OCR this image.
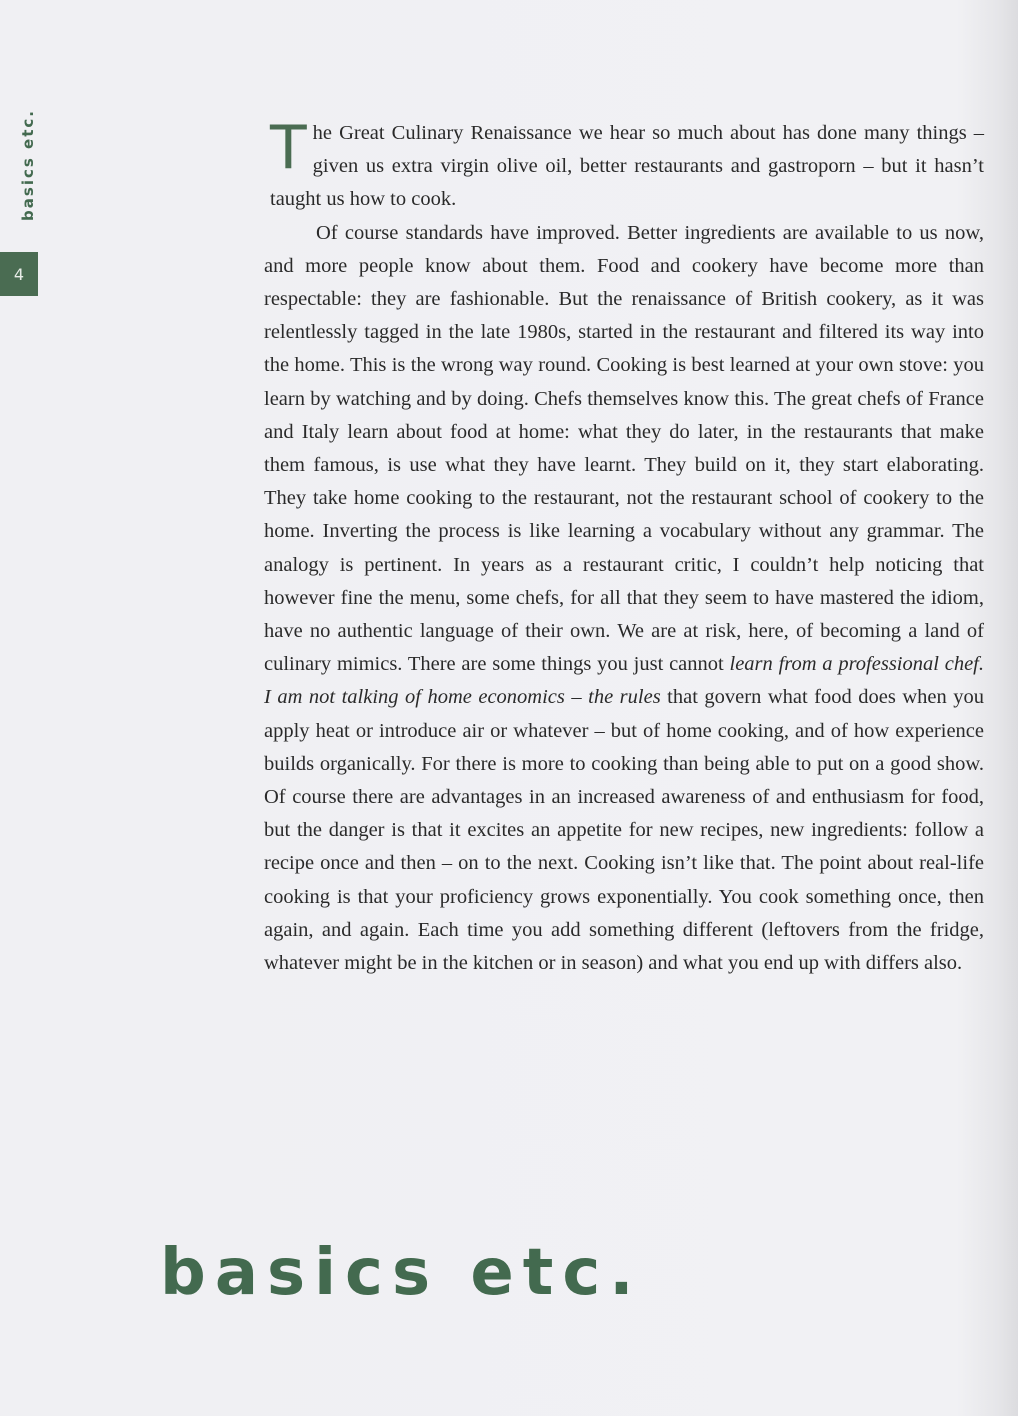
basics etc.
4

The Great Culinary Renaissance we hear so much about has done many things – given us extra virgin olive oil, better restaurants and gastroporn – but it hasn’t taught us how to cook.

Of course standards have improved. Better ingredients are available to us now, and more people know about them. Food and cookery have become more than respectable: they are fashionable. But the renaissance of British cookery, as it was relentlessly tagged in the late 1980s, started in the restaurant and filtered its way into the home. This is the wrong way round. Cooking is best learned at your own stove: you learn by watching and by doing. Chefs themselves know this. The great chefs of France and Italy learn about food at home: what they do later, in the restaurants that make them famous, is use what they have learnt. They build on it, they start elaborating. They take home cooking to the restaurant, not the restaurant school of cookery to the home. Inverting the process is like learning a vocabulary without any grammar. The analogy is pertinent. In years as a restaurant critic, I couldn’t help noticing that however fine the menu, some chefs, for all that they seem to have mastered the idiom, have no authentic language of their own. We are at risk, here, of becoming a land of culinary mimics. There are some things you just cannot learn from a professional chef. I am not talking of home economics – the rules that govern what food does when you apply heat or introduce air or whatever – but of home cooking, and of how experience builds organically. For there is more to cooking than being able to put on a good show. Of course there are advantages in an increased awareness of and enthusiasm for food, but the danger is that it excites an appetite for new recipes, new ingredients: follow a recipe once and then – on to the next. Cooking isn’t like that. The point about real-life cooking is that your proficiency grows exponentially. You cook something once, then again, and again. Each time you add something different (leftovers from the fridge, whatever might be in the kitchen or in season) and what you end up with differs also.

basics etc.
